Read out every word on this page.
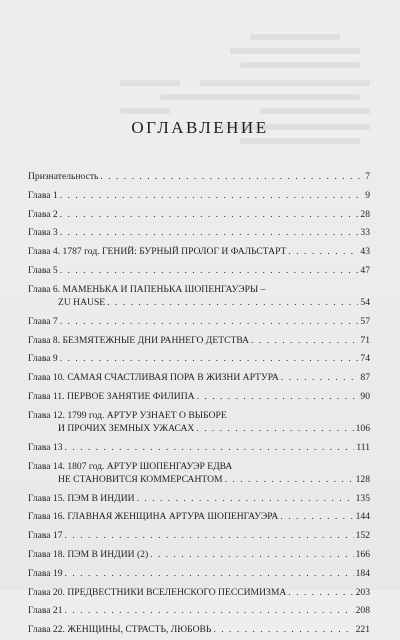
ОГЛАВЛЕНИЕ
Признательность . . .	7
Глава 1 . . .	9
Глава 2 . . .	28
Глава 3 . . .	33
Глава 4. 1787 год. ГЕНИЙ: БУРНЫЙ ПРОЛОГ И ФАЛЬСТАРТ . . .	43
Глава 5 . . .	47
Глава 6. МАМЕНЬКА И ПАПЕНЬКА ШОПЕНГАУЭРЫ –
ZU HAUSE . . .	54
Глава 7 . . .	57
Глава 8. БЕЗМЯТЕЖНЫЕ ДНИ РАННЕГО ДЕТСТВА . . .	71
Глава 9 . . .	74
Глава 10. САМАЯ СЧАСТЛИВАЯ ПОРА В ЖИЗНИ АРТУРА . . .	87
Глава 11. ПЕРВОЕ ЗАНЯТИЕ ФИЛИПА . . .	90
Глава 12. 1799 год. АРТУР УЗНАЕТ О ВЫБОРЕ
И ПРОЧИХ ЗЕМНЫХ УЖАСАХ . . .	106
Глава 13 . . .	111
Глава 14. 1807 год. АРТУР ШОПЕНГАУЭР ЕДВА
НЕ СТАНОВИТСЯ КОММЕРСАНТОМ . . .	128
Глава 15. ПЭМ В ИНДИИ . . .	135
Глава 16. ГЛАВНАЯ ЖЕНЩИНА АРТУРА ШОПЕНГАУЭРА . . .	144
Глава 17 . . .	152
Глава 18. ПЭМ В ИНДИИ (2) . . .	166
Глава 19 . . .	184
Глава 20. ПРЕДВЕСТНИКИ ВСЕЛЕНСКОГО ПЕССИМИЗМА . . .	203
Глава 21 . . .	208
Глава 22. ЖЕНЩИНЫ, СТРАСТЬ, ЛЮБОВЬ . . .	221
